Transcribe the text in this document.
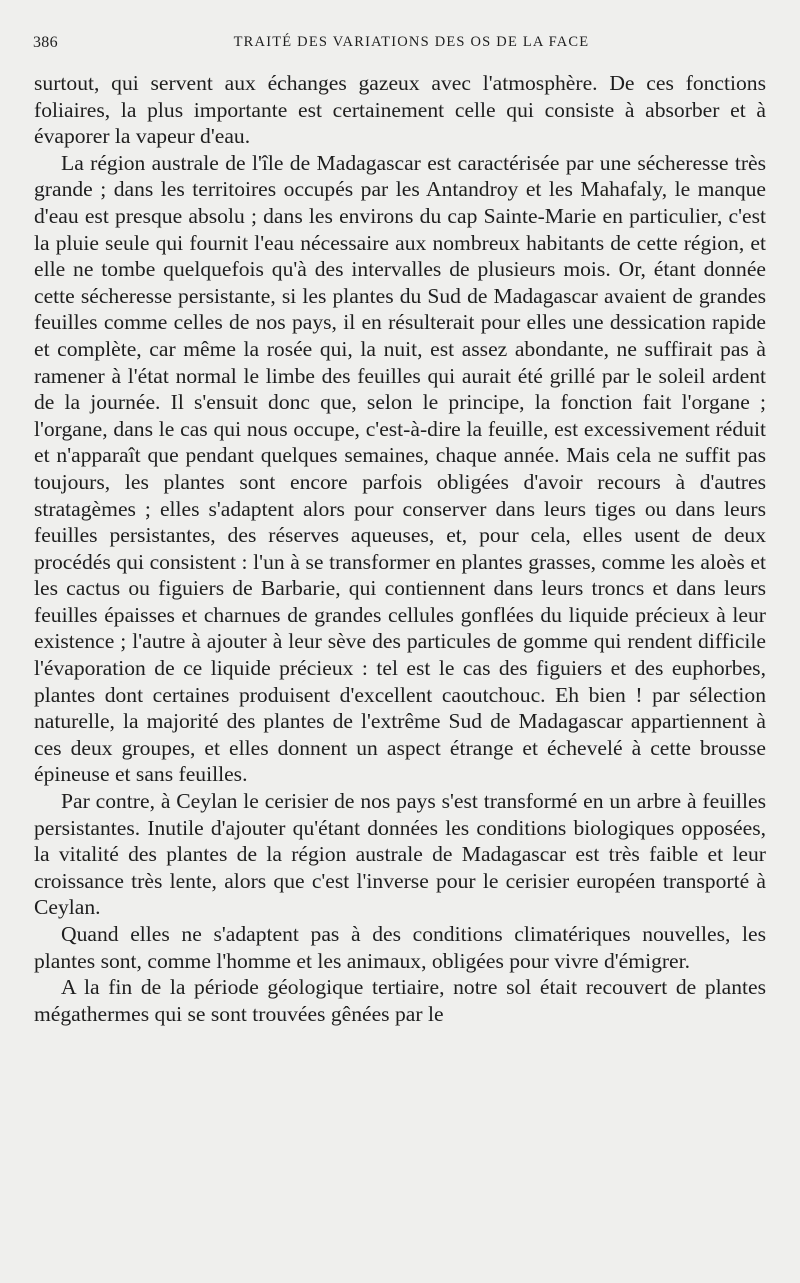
386	TRAITÉ DES VARIATIONS DES OS DE LA FACE

surtout, qui servent aux échanges gazeux avec l'atmosphère. De ces fonctions foliaires, la plus importante est certainement celle qui consiste à absorber et à évaporer la vapeur d'eau.

La région australe de l'île de Madagascar est caractérisée par une sécheresse très grande ; dans les territoires occupés par les Antandroy et les Mahafaly, le manque d'eau est presque absolu ; dans les environs du cap Sainte-Marie en particulier, c'est la pluie seule qui fournit l'eau nécessaire aux nombreux habitants de cette région, et elle ne tombe quelquefois qu'à des intervalles de plusieurs mois. Or, étant donnée cette sécheresse persistante, si les plantes du Sud de Madagascar avaient de grandes feuilles comme celles de nos pays, il en résulterait pour elles une dessication rapide et complète, car même la rosée qui, la nuit, est assez abondante, ne suffirait pas à ramener à l'état normal le limbe des feuilles qui aurait été grillé par le soleil ardent de la journée. Il s'ensuit donc que, selon le principe, la fonction fait l'organe ; l'organe, dans le cas qui nous occupe, c'est-à-dire la feuille, est excessivement réduit et n'apparaît que pendant quelques semaines, chaque année. Mais cela ne suffit pas toujours, les plantes sont encore parfois obligées d'avoir recours à d'autres stratagèmes ; elles s'adaptent alors pour conserver dans leurs tiges ou dans leurs feuilles persistantes, des réserves aqueuses, et, pour cela, elles usent de deux procédés qui consistent : l'un à se transformer en plantes grasses, comme les aloès et les cactus ou figuiers de Barbarie, qui contiennent dans leurs troncs et dans leurs feuilles épaisses et charnues de grandes cellules gonflées du liquide précieux à leur existence ; l'autre à ajouter à leur sève des particules de gomme qui rendent difficile l'évaporation de ce liquide précieux : tel est le cas des figuiers et des euphorbes, plantes dont certaines produisent d'excellent caoutchouc. Eh bien ! par sélection naturelle, la majorité des plantes de l'extrême Sud de Madagascar appartiennent à ces deux groupes, et elles donnent un aspect étrange et échevelé à cette brousse épineuse et sans feuilles.

Par contre, à Ceylan le cerisier de nos pays s'est transformé en un arbre à feuilles persistantes. Inutile d'ajouter qu'étant données les conditions biologiques opposées, la vitalité des plantes de la région australe de Madagascar est très faible et leur croissance très lente, alors que c'est l'inverse pour le cerisier européen transporté à Ceylan.

Quand elles ne s'adaptent pas à des conditions climatériques nouvelles, les plantes sont, comme l'homme et les animaux, obligées pour vivre d'émigrer.

A la fin de la période géologique tertiaire, notre sol était recouvert de plantes mégathermes qui se sont trouvées gênées par le
